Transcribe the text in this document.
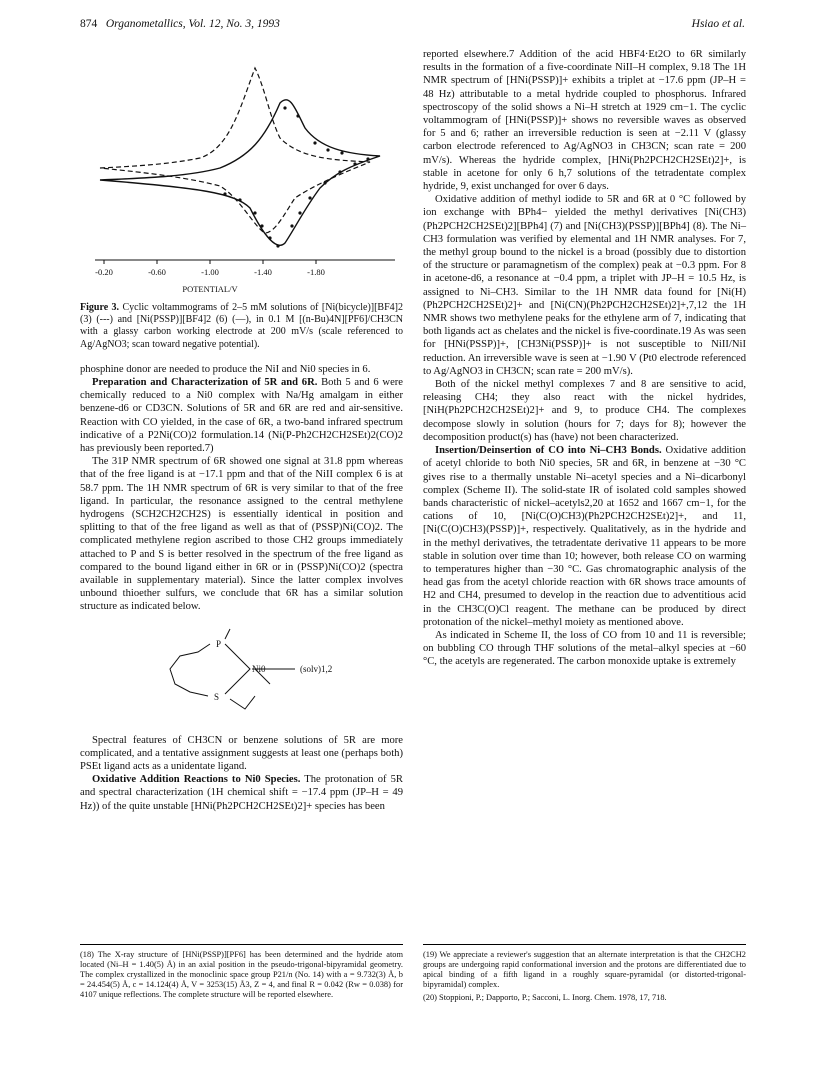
874 Organometallics, Vol. 12, No. 3, 1993	Hsiao et al.
-0.20	-0.60	-1.00	-1.40	-1.80
POTENTIAL/V
Figure 3. Cyclic voltammograms of 2–5 mM solutions of [Ni(bicycle)][BF4]2 (3) (---) and [Ni(PSSP)][BF4]2 (6) (—), in 0.1 M [(n-Bu)4N][PF6]/CH3CN with a glassy carbon working electrode at 200 mV/s (scale referenced to Ag/AgNO3; scan toward negative potential).

phosphine donor are needed to produce the NiI and Ni0 species in 6.

Preparation and Characterization of 5R and 6R. Both 5 and 6 were chemically reduced to a Ni0 complex with Na/Hg amalgam in either benzene-d6 or CD3CN. Solutions of 5R and 6R are red and air-sensitive. Reaction with CO yielded, in the case of 6R, a two-band infrared spectrum indicative of a P2Ni(CO)2 formulation.14 (Ni(P-Ph2CH2CH2SEt)2(CO)2 has previously been reported.7)

The 31P NMR spectrum of 6R showed one signal at 31.8 ppm whereas that of the free ligand is at −17.1 ppm and that of the NiII complex 6 is at 58.7 ppm. The 1H NMR spectrum of 6R is very similar to that of the free ligand. In particular, the resonance assigned to the central methylene hydrogens (SCH2CH2CH2S) is essentially identical in position and splitting to that of the free ligand as well as that of (PSSP)Ni(CO)2. The complicated methylene region ascribed to those CH2 groups immediately attached to P and S is better resolved in the spectrum of the free ligand as compared to the bound ligand either in 6R or in (PSSP)Ni(CO)2 (spectra available in supplementary material). Since the latter complex involves unbound thioether sulfurs, we conclude that 6R has a similar solution structure as indicated below.

P
S
Ni0	(solv)1,2

Spectral features of CH3CN or benzene solutions of 5R are more complicated, and a tentative assignment suggests at least one (perhaps both) PSEt ligand acts as a unidentate ligand.

Oxidative Addition Reactions to Ni0 Species. The protonation of 5R and spectral characterization (1H chemical shift = −17.4 ppm (JP–H = 49 Hz)) of the quite unstable [HNi(Ph2PCH2CH2SEt)2]+ species has been

reported elsewhere.7 Addition of the acid HBF4·Et2O to 6R similarly results in the formation of a five-coordinate NiII–H complex, 9.18 The 1H NMR spectrum of [HNi(PSSP)]+ exhibits a triplet at −17.6 ppm (JP–H = 48 Hz) attributable to a metal hydride coupled to phosphorus. Infrared spectroscopy of the solid shows a Ni–H stretch at 1929 cm−1. The cyclic voltammogram of [HNi(PSSP)]+ shows no reversible waves as observed for 5 and 6; rather an irreversible reduction is seen at −2.11 V (glassy carbon electrode referenced to Ag/AgNO3 in CH3CN; scan rate = 200 mV/s). Whereas the hydride complex, [HNi(Ph2PCH2CH2SEt)2]+, is stable in acetone for only 6 h,7 solutions of the tetradentate complex hydride, 9, exist unchanged for over 6 days.

Oxidative addition of methyl iodide to 5R and 6R at 0 °C followed by ion exchange with BPh4− yielded the methyl derivatives [Ni(CH3)(Ph2PCH2CH2SEt)2][BPh4] (7) and [Ni(CH3)(PSSP)][BPh4] (8). The Ni–CH3 formulation was verified by elemental and 1H NMR analyses. For 7, the methyl group bound to the nickel is a broad (possibly due to distortion of the structure or paramagnetism of the complex) peak at −0.3 ppm. For 8 in acetone-d6, a resonance at −0.4 ppm, a triplet with JP–H = 10.5 Hz, is assigned to Ni–CH3. Similar to the 1H NMR data found for [Ni(H)(Ph2PCH2CH2SEt)2]+ and [Ni(CN)(Ph2PCH2CH2SEt)2]+,7,12 the 1H NMR shows two methylene peaks for the ethylene arm of 7, indicating that both ligands act as chelates and the nickel is five-coordinate.19 As was seen for [HNi(PSSP)]+, [CH3Ni(PSSP)]+ is not susceptible to NiII/NiI reduction. An irreversible wave is seen at −1.90 V (Pt0 electrode referenced to Ag/AgNO3 in CH3CN; scan rate = 200 mV/s).

Both of the nickel methyl complexes 7 and 8 are sensitive to acid, releasing CH4; they also react with the nickel hydrides, [NiH(Ph2PCH2CH2SEt)2]+ and 9, to produce CH4. The complexes decompose slowly in solution (hours for 7; days for 8); however the decomposition product(s) has (have) not been characterized.

Insertion/Deinsertion of CO into Ni–CH3 Bonds. Oxidative addition of acetyl chloride to both Ni0 species, 5R and 6R, in benzene at −30 °C gives rise to a thermally unstable Ni–acetyl species and a Ni–dicarbonyl complex (Scheme II). The solid-state IR of isolated cold samples showed bands characteristic of nickel–acetyls2,20 at 1652 and 1667 cm−1, for the cations of 10, [Ni(C(O)CH3)(Ph2PCH2CH2SEt)2]+, and 11, [Ni(C(O)CH3)(PSSP)]+, respectively. Qualitatively, as in the hydride and in the methyl derivatives, the tetradentate derivative 11 appears to be more stable in solution over time than 10; however, both release CO on warming to temperatures higher than −30 °C. Gas chromatographic analysis of the head gas from the acetyl chloride reaction with 6R shows trace amounts of H2 and CH4, presumed to develop in the reaction due to adventitious acid in the CH3C(O)Cl reagent. The methane can be produced by direct protonation of the nickel–methyl moiety as mentioned above.

As indicated in Scheme II, the loss of CO from 10 and 11 is reversible; on bubbling CO through THF solutions of the metal–alkyl species at −60 °C, the acetyls are regenerated. The carbon monoxide uptake is extremely

(18) The X-ray structure of [HNi(PSSP)][PF6] has been determined and the hydride atom located (Ni–H = 1.40(5) Å) in an axial position in the pseudo-trigonal-bipyramidal geometry. The complex crystallized in the monoclinic space group P21/n (No. 14) with a = 9.732(3) Å, b = 24.454(5) Å, c = 14.124(4) Å, V = 3253(15) Å3, Z = 4, and final R = 0.042 (Rw = 0.038) for 4107 unique reflections. The complete structure will be reported elsewhere.
(19) We appreciate a reviewer's suggestion that an alternate interpretation is that the CH2CH2 groups are undergoing rapid conformational inversion and the protons are differentiated due to apical binding of a fifth ligand in a roughly square-pyramidal (or distorted-trigonal-bipyramidal) complex.
(20) Stoppioni, P.; Dapporto, P.; Sacconi, L. Inorg. Chem. 1978, 17, 718.
